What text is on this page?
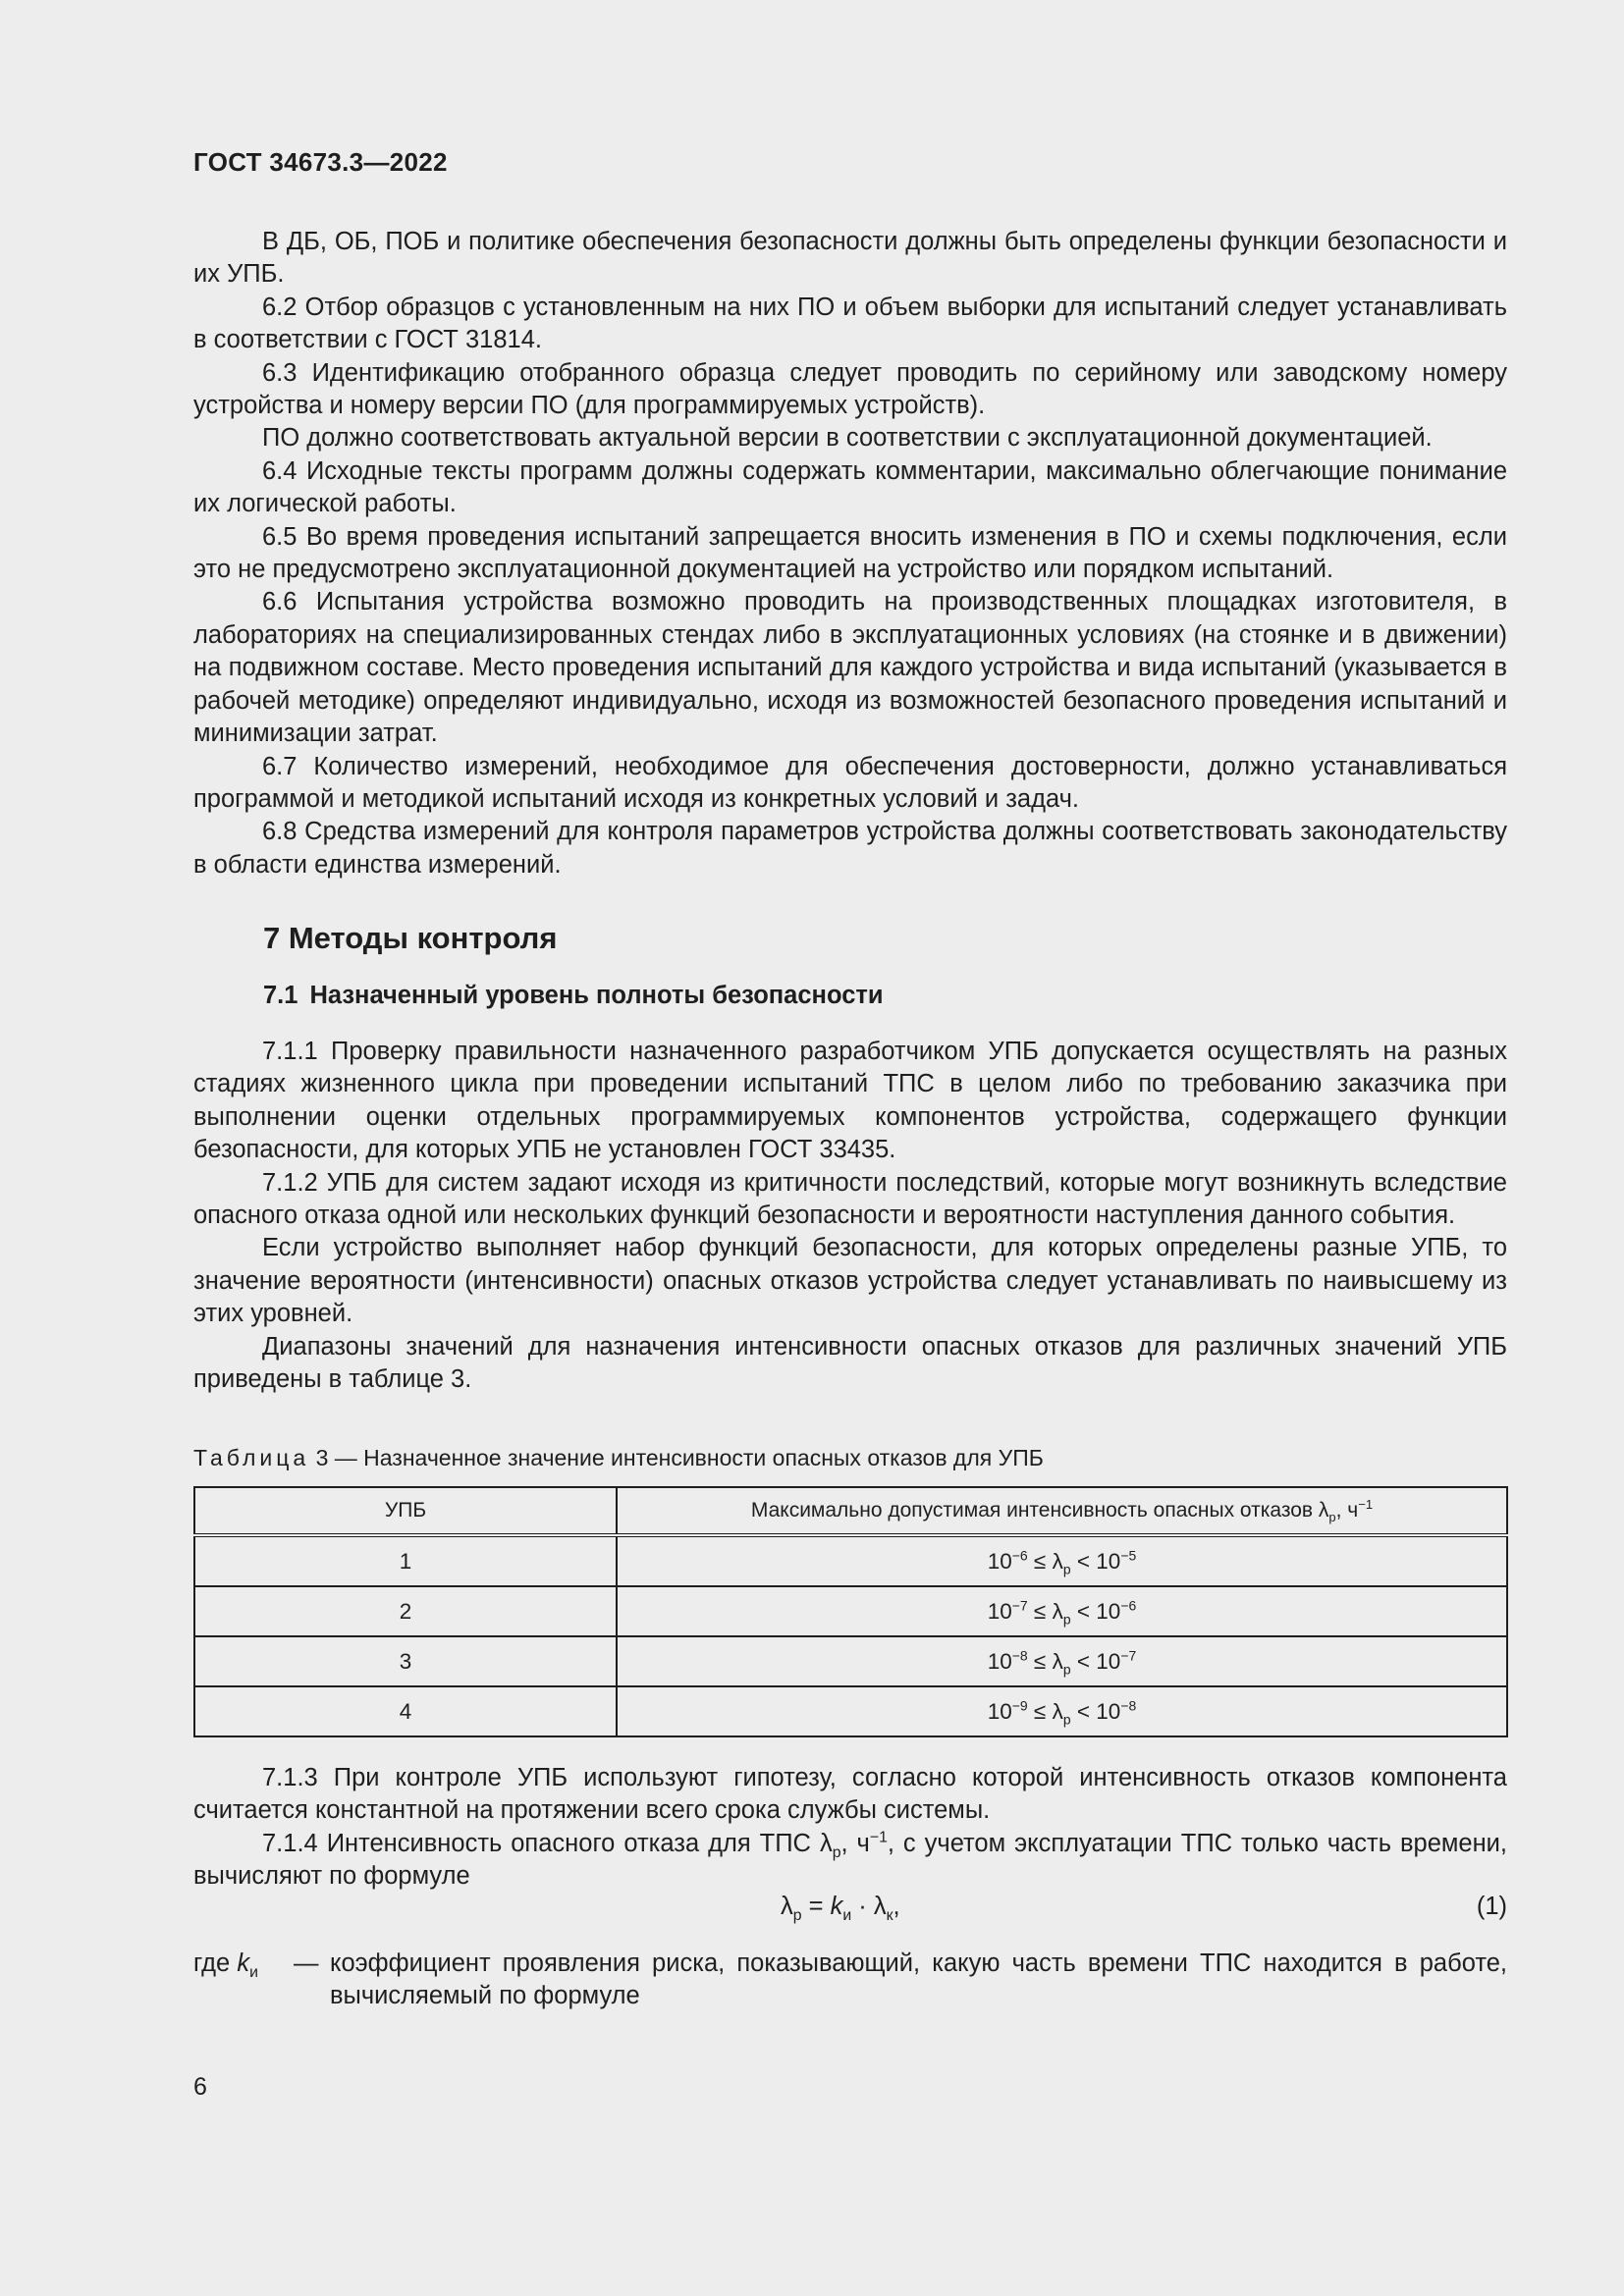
ГОСТ 34673.3—2022

В ДБ, ОБ, ПОБ и политике обеспечения безопасности должны быть определены функции безопасности и их УПБ.

6.2 Отбор образцов с установленным на них ПО и объем выборки для испытаний следует устанавливать в соответствии с ГОСТ 31814.

6.3 Идентификацию отобранного образца следует проводить по серийному или заводскому номеру устройства и номеру версии ПО (для программируемых устройств).

ПО должно соответствовать актуальной версии в соответствии с эксплуатационной документацией.

6.4 Исходные тексты программ должны содержать комментарии, максимально облегчающие понимание их логической работы.

6.5 Во время проведения испытаний запрещается вносить изменения в ПО и схемы подключения, если это не предусмотрено эксплуатационной документацией на устройство или порядком испытаний.

6.6 Испытания устройства возможно проводить на производственных площадках изготовителя, в лабораториях на специализированных стендах либо в эксплуатационных условиях (на стоянке и в движении) на подвижном составе. Место проведения испытаний для каждого устройства и вида испытаний (указывается в рабочей методике) определяют индивидуально, исходя из возможностей безопасного проведения испытаний и минимизации затрат.

6.7 Количество измерений, необходимое для обеспечения достоверности, должно устанавливаться программой и методикой испытаний исходя из конкретных условий и задач.

6.8 Средства измерений для контроля параметров устройства должны соответствовать законодательству в области единства измерений.

7 Методы контроля
7.1 Назначенный уровень полноты безопасности

7.1.1 Проверку правильности назначенного разработчиком УПБ допускается осуществлять на разных стадиях жизненного цикла при проведении испытаний ТПС в целом либо по требованию заказчика при выполнении оценки отдельных программируемых компонентов устройства, содержащего функции безопасности, для которых УПБ не установлен ГОСТ 33435.

7.1.2 УПБ для систем задают исходя из критичности последствий, которые могут возникнуть вследствие опасного отказа одной или нескольких функций безопасности и вероятности наступления данного события.

Если устройство выполняет набор функций безопасности, для которых определены разные УПБ, то значение вероятности (интенсивности) опасных отказов устройства следует устанавливать по наивысшему из этих уровней.

Диапазоны значений для назначения интенсивности опасных отказов для различных значений УПБ приведены в таблице 3.

Таблица 3 — Назначенное значение интенсивности опасных отказов для УПБ
УПБ	Максимально допустимая интенсивность опасных отказов $\lambda_р$, $ч^{-1}$
1	$10^{-6} \le \lambda_р < 10^{-5}$
2	$10^{-7} \le \lambda_р < 10^{-6}$
3	$10^{-8} \le \lambda_р < 10^{-7}$
4	$10^{-9} \le \lambda_р < 10^{-8}$

7.1.3 При контроле УПБ используют гипотезу, согласно которой интенсивность отказов компонента считается константной на протяжении всего срока службы системы.

7.1.4 Интенсивность опасного отказа для ТПС $\lambda_р$, $ч^{-1}$, с учетом эксплуатации ТПС только часть времени, вычисляют по формуле

$\lambda_р = k_и \cdot \lambda_к$,	(1)
где $k_и$ — коэффициент проявления риска, показывающий, какую часть времени ТПС находится в работе, вычисляемый по формуле
6
